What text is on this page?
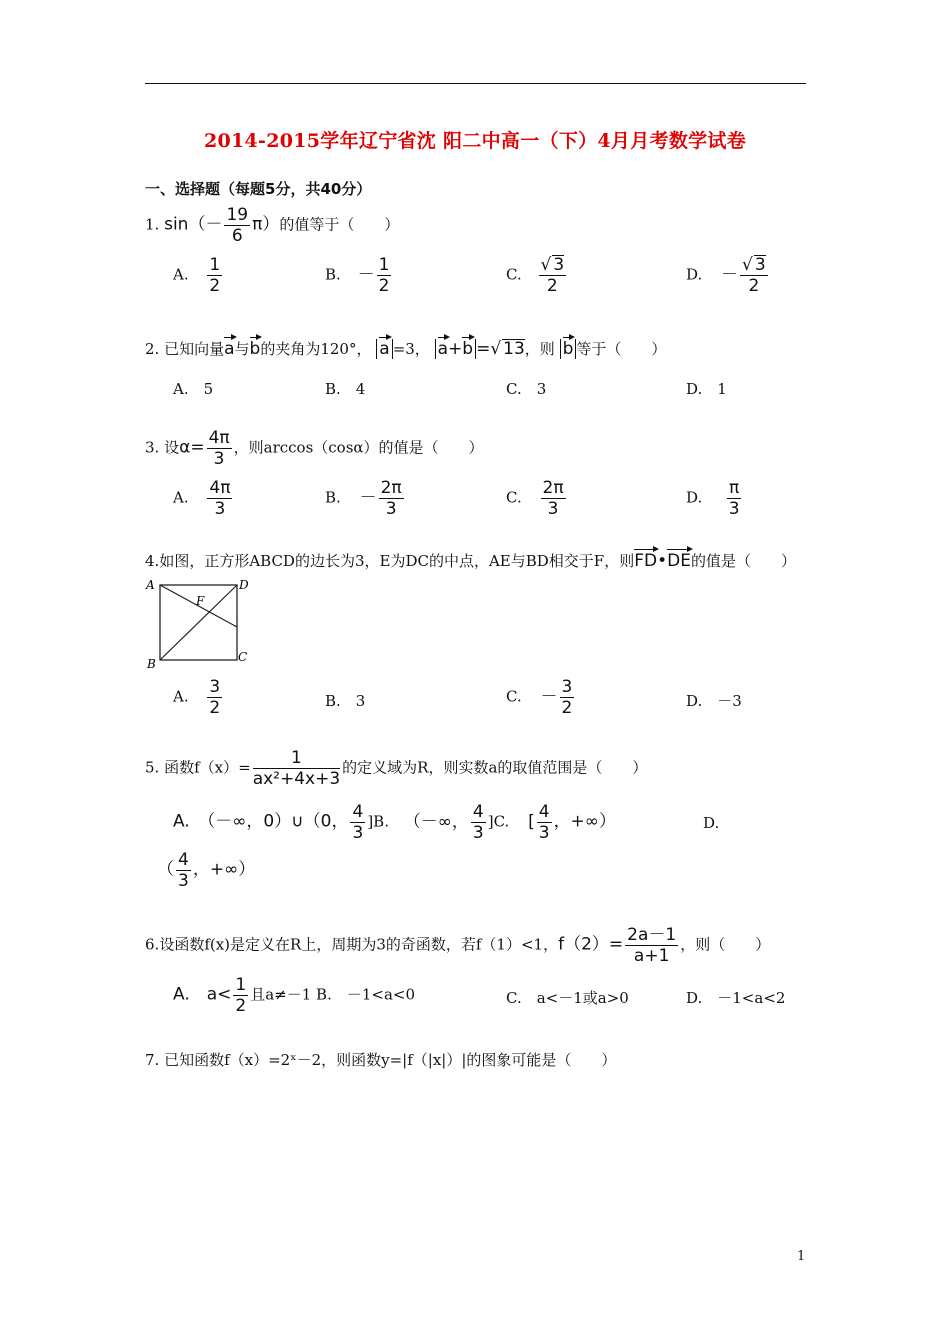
2014-2015学年辽宁省沈 阳二中高一（下）4月月考数学试卷
一、选择题（每题5分，共40分）
1. $\sin(- \frac{19}{6} \pi)$的值等于（　　）
A. $\frac{1}{2}$	B. － $\frac{1}{2}$	C. $\frac{√ 3}{2}$	D. － $\frac{√ 3}{2}$
2. 已知向量a与b的夹角为120°， a =3， a+b =√ 13，则 b 等于（　　）
A.　5	B.　4	C.　3	D.　1
3. 设$\alpha= \frac{4\pi}{3}$ ，则arccos（cosα）的值是（　　）
A. $\frac{4\pi}{3}$	B. － $\frac{2\pi}{3}$	C. $\frac{2\pi}{3}$	D. $\frac{\pi}{3}$
4.如图，正方形ABCD的边长为3，E为DC的中点，AE与BD相交于F，则FD•DE的值是（　　）
A	D
F
B	C
A. $\frac{3}{2}$	B.　3	C. － $\frac{3}{2}$	D.　－3
5. 函数$f(x)= \frac{1}{\text{ax²+4x+3}}$ 的定义域为R，则实数a的取值范围是（　　）
A.　（－∞，0）∪（0， $\frac{4}{3} ]B$. （－∞， $\frac{4}{3} ]C$. [ $\frac{4}{3}$ ，+∞）	D.
（ $\frac{4}{3}$ ，+∞）
6.设函数f(x)是定义在R上，周期为3的奇函数，若f（1）<1，$f(2)= \frac{2a-1}{a+1}$ ，则（　　）
A.　$a< \frac{1}{2}$ 且a≠－1 B.　－1<a<0	C.　a<－1或a>0	D.　－1<a<2
7. 已知函数f（x）=2ˣ－2，则函数y=|f（|x|）|的图象可能是（　　）
1
